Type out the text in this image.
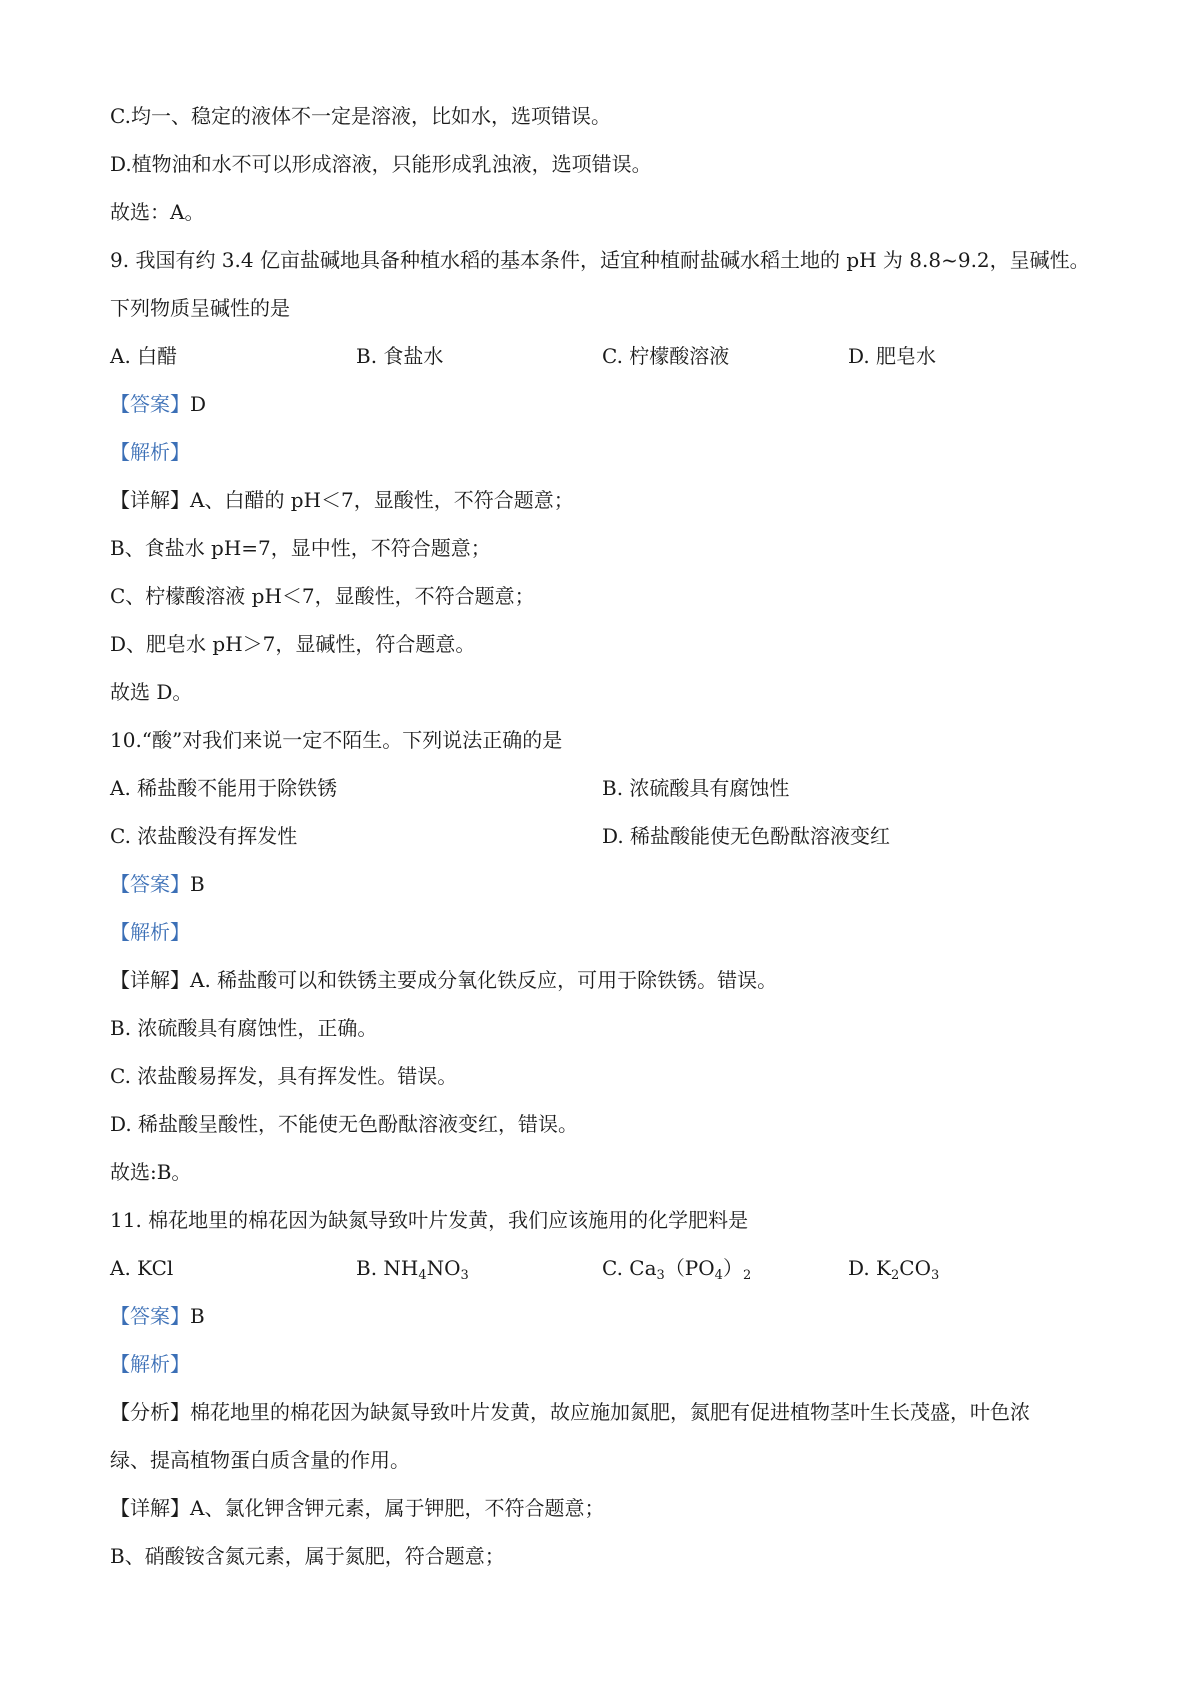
C.均一、稳定的液体不一定是溶液，比如水，选项错误。
D.植物油和水不可以形成溶液，只能形成乳浊液，选项错误。
故选：A。
9. 我国有约 3.4 亿亩盐碱地具备种植水稻的基本条件，适宜种植耐盐碱水稻土地的 pH 为 8.8~9.2，呈碱性。
下列物质呈碱性的是
A. 白醋	B. 食盐水	C. 柠檬酸溶液	D. 肥皂水
【答案】D
【解析】
【详解】A、白醋的 pH＜7，显酸性，不符合题意；
B、食盐水 pH=7，显中性，不符合题意；
C、柠檬酸溶液 pH＜7，显酸性，不符合题意；
D、肥皂水 pH＞7，显碱性，符合题意。
故选 D。
10.“酸”对我们来说一定不陌生。下列说法正确的是
A. 稀盐酸不能用于除铁锈	B. 浓硫酸具有腐蚀性
C. 浓盐酸没有挥发性	D. 稀盐酸能使无色酚酞溶液变红
【答案】B
【解析】
【详解】A. 稀盐酸可以和铁锈主要成分氧化铁反应，可用于除铁锈。错误。
B. 浓硫酸具有腐蚀性，正确。
C. 浓盐酸易挥发，具有挥发性。错误。
D. 稀盐酸呈酸性，不能使无色酚酞溶液变红，错误。
故选:B。
11. 棉花地里的棉花因为缺氮导致叶片发黄，我们应该施用的化学肥料是
A. KCl	B. $NH_4NO_3$	C. $Ca_3(PO_4)_2$	D. $K_2CO_3$
【答案】B
【解析】
【分析】棉花地里的棉花因为缺氮导致叶片发黄，故应施加氮肥，氮肥有促进植物茎叶生长茂盛，叶色浓
绿、提高植物蛋白质含量的作用。
【详解】A、氯化钾含钾元素，属于钾肥，不符合题意；
B、硝酸铵含氮元素，属于氮肥，符合题意；
